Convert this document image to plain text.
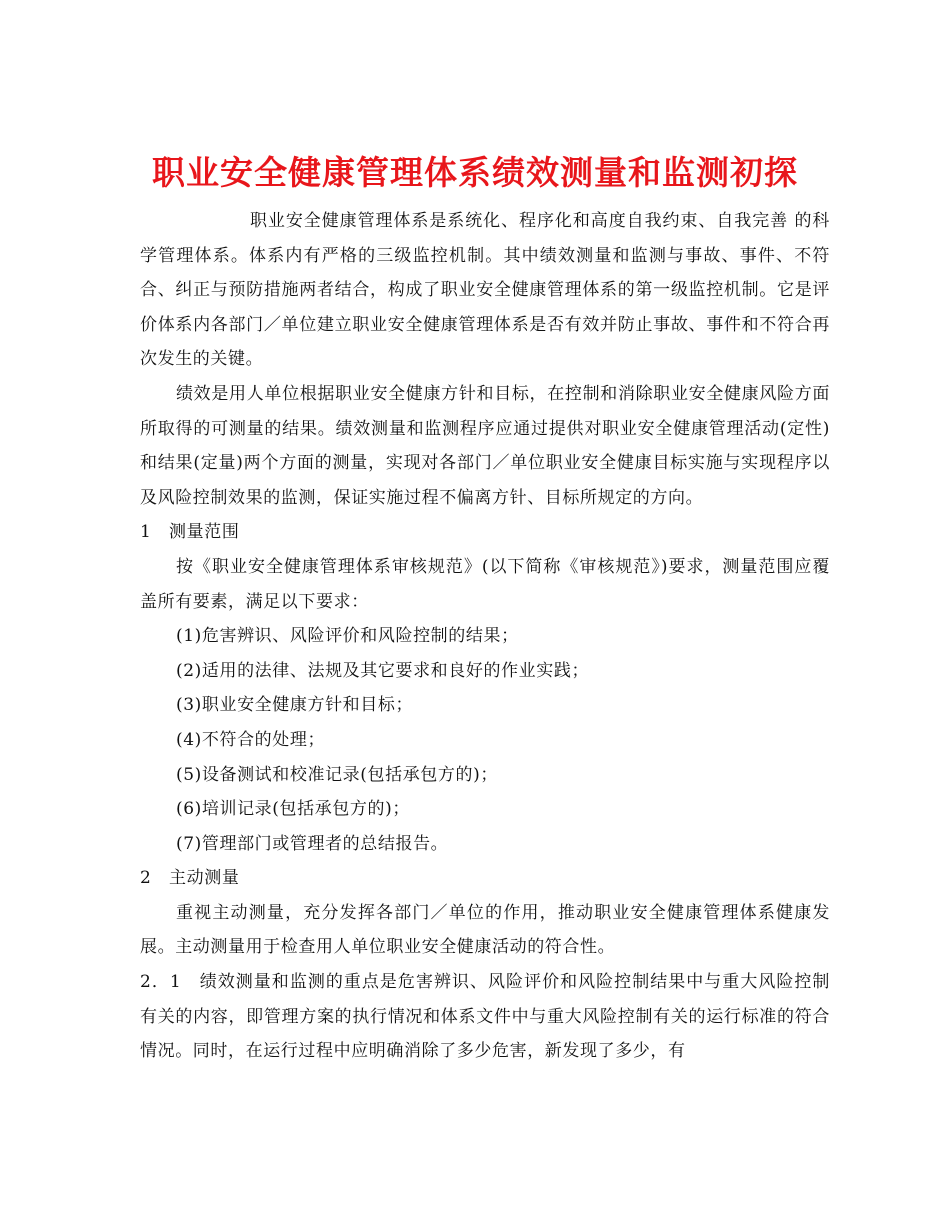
职业安全健康管理体系绩效测量和监测初探

职业安全健康管理体系是系统化、程序化和高度自我约束、自我完善 的科学管理体系。体系内有严格的三级监控机制。其中绩效测量和监测与事故、事件、不符合、纠正与预防措施两者结合，构成了职业安全健康管理体系的第一级监控机制。它是评价体系内各部门／单位建立职业安全健康管理体系是否有效并防止事故、事件和不符合再次发生的关键。

绩效是用人单位根据职业安全健康方针和目标，在控制和消除职业安全健康风险方面所取得的可测量的结果。绩效测量和监测程序应通过提供对职业安全健康管理活动(定性)和结果(定量)两个方面的测量，实现对各部门／单位职业安全健康目标实施与实现程序以及风险控制效果的监测，保证实施过程不偏离方针、目标所规定的方向。

1　测量范围

按《职业安全健康管理体系审核规范》(以下简称《审核规范》)要求，测量范围应覆盖所有要素，满足以下要求：

(1)危害辨识、风险评价和风险控制的结果；

(2)适用的法律、法规及其它要求和良好的作业实践；

(3)职业安全健康方针和目标；

(4)不符合的处理；

(5)设备测试和校准记录(包括承包方的)；

(6)培训记录(包括承包方的)；

(7)管理部门或管理者的总结报告。

2　主动测量

重视主动测量，充分发挥各部门／单位的作用，推动职业安全健康管理体系健康发展。主动测量用于检查用人单位职业安全健康活动的符合性。

2．1　绩效测量和监测的重点是危害辨识、风险评价和风险控制结果中与重大风险控制有关的内容，即管理方案的执行情况和体系文件中与重大风险控制有关的运行标准的符合情况。同时，在运行过程中应明确消除了多少危害，新发现了多少，有
